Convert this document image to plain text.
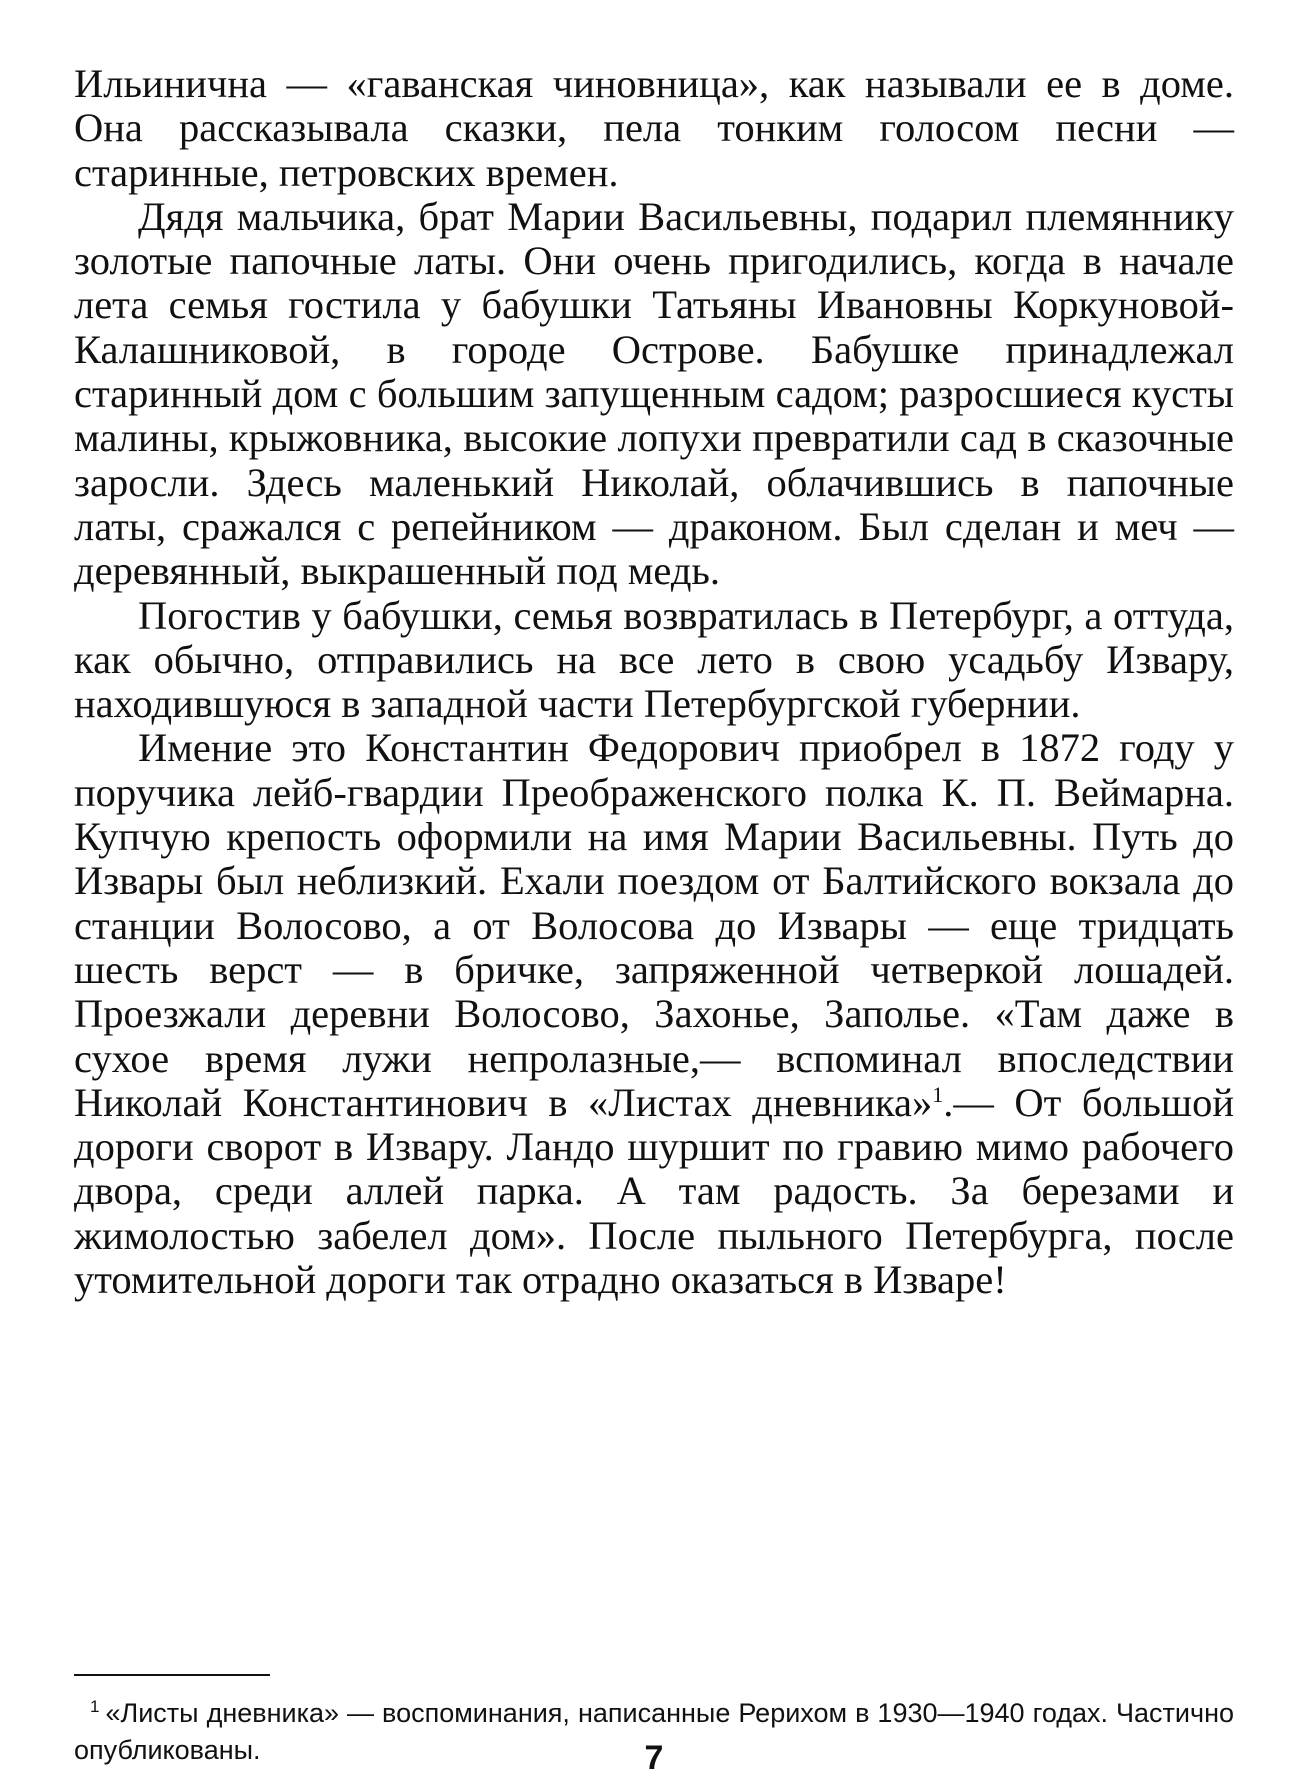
Ильинична — «гаванская чиновница», как называли ее в доме. Она рассказывала сказки, пела тонким голосом песни — старинные, петровских времен.

Дядя мальчика, брат Марии Васильевны, подарил племяннику золотые папочные латы. Они очень пригодились, когда в начале лета семья гостила у бабушки Татьяны Ивановны Коркуновой-Калашниковой, в городе Острове. Бабушке принадлежал старинный дом с большим запущенным садом; разросшиеся кусты малины, крыжовника, высокие лопухи превратили сад в сказочные заросли. Здесь маленький Николай, облачившись в папочные латы, сражался с репейником — драконом. Был сделан и меч — деревянный, выкрашенный под медь.

Погостив у бабушки, семья возвратилась в Петербург, а оттуда, как обычно, отправились на все лето в свою усадьбу Извару, находившуюся в западной части Петербургской губернии.

Имение это Константин Федорович приобрел в 1872 году у поручика лейб-гвардии Преображенского полка К. П. Веймарна. Купчую крепость оформили на имя Марии Васильевны. Путь до Извары был неблизкий. Ехали поездом от Балтийского вокзала до станции Волосово, а от Волосова до Извары — еще тридцать шесть верст — в бричке, запряженной четверкой лошадей. Проезжали деревни Волосово, Захонье, Заполье. «Там даже в сухое время лужи непролазные,— вспоминал впоследствии Николай Константинович в «Листах дневника»$^1$.— От большой дороги сворот в Извару. Ландо шуршит по гравию мимо рабочего двора, среди аллей парка. А там радость. За березами и жимолостью забелел дом». После пыльного Петербурга, после утомительной дороги так отрадно оказаться в Изваре!

$^1$ «Листы дневника» — воспоминания, написанные Рерихом в 1930—1940 годах. Частично опубликованы.	7
